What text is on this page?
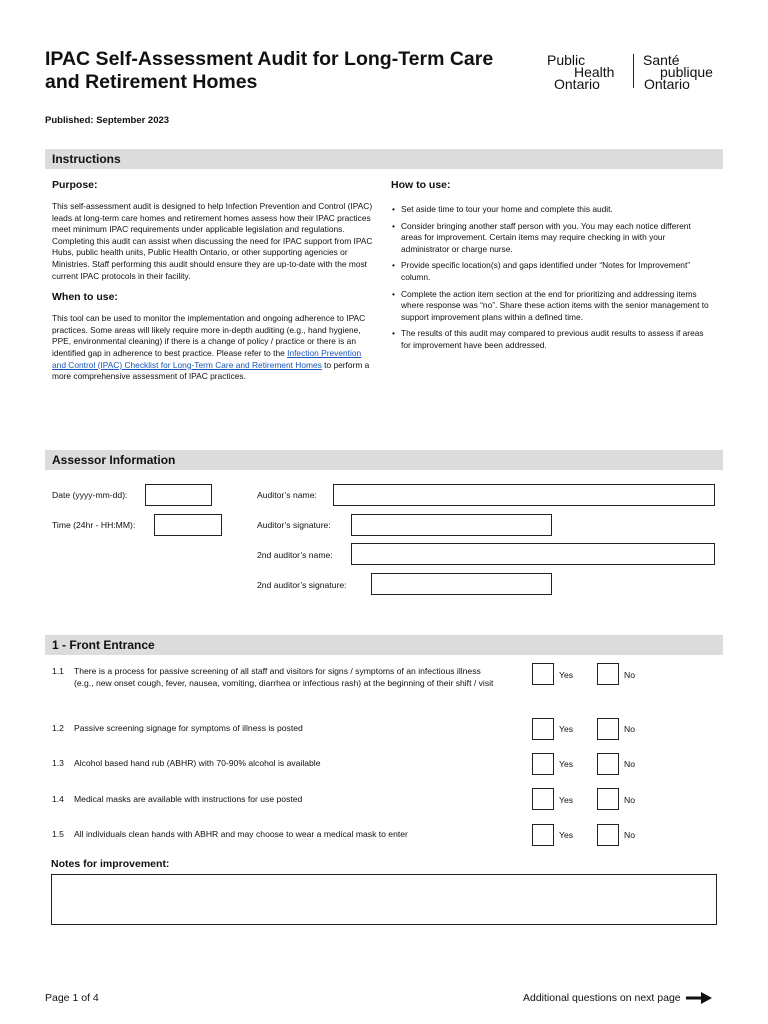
IPAC Self-Assessment Audit for Long-Term Care and Retirement Homes
Public
Health
Ontario
Santé
publique
Ontario
Published: September 2023
Instructions
Purpose:

This self-assessment audit is designed to help Infection Prevention and Control (IPAC) leads at long-term care homes and retirement homes assess how their IPAC practices meet minimum IPAC requirements under applicable legislation and regulations. Completing this audit can assist when discussing the need for IPAC support from IPAC Hubs, public health units, Public Health Ontario, or other supporting agencies or Ministries. Staff performing this audit should ensure they are up-to-date with the most current IPAC protocols in their facility.

When to use:

This tool can be used to monitor the implementation and ongoing adherence to IPAC practices. Some areas will likely require more in-depth auditing (e.g., hand hygiene, PPE, environmental cleaning) if there is a change of policy / practice or there is an identified gap in adherence to best practice. Please refer to the Infection Prevention and Control (IPAC) Checklist for Long-Term Care and Retirement Homes to perform a more comprehensive assessment of IPAC practices.

How to use:
• Set aside time to tour your home and complete this audit.
• Consider bringing another staff person with you. You may each notice different areas for improvement. Certain items may require checking in with your administrator or charge nurse.
• Provide specific location(s) and gaps identified under “Notes for Improvement” column.
• Complete the action item section at the end for prioritizing and addressing items where response was “no”. Share these action items with the senior management to support improvement plans within a defined time.
• The results of this audit may compared to previous audit results to assess if areas for improvement have been addressed.
Assessor Information
Date (yyyy-mm-dd):
Time (24hr - HH:MM):
Auditor’s name:
Auditor’s signature:
2nd auditor’s name:
2nd auditor’s signature:
1 - Front Entrance
1.1 There is a process for passive screening of all staff and visitors for signs / symptoms of an infectious illness (e.g., new onset cough, fever, nausea, vomiting, diarrhea or infectious rash) at the beginning of their shift / visit
Yes	No
1.2 Passive screening signage for symptoms of illness is posted	Yes	No
1.3 Alcohol based hand rub (ABHR) with 70-90% alcohol is available	Yes	No
1.4 Medical masks are available with instructions for use posted	Yes	No
1.5 All individuals clean hands with ABHR and may choose to wear a medical mask to enter	Yes	No
Notes for improvement:
Page 1 of 4	Additional questions on next page
